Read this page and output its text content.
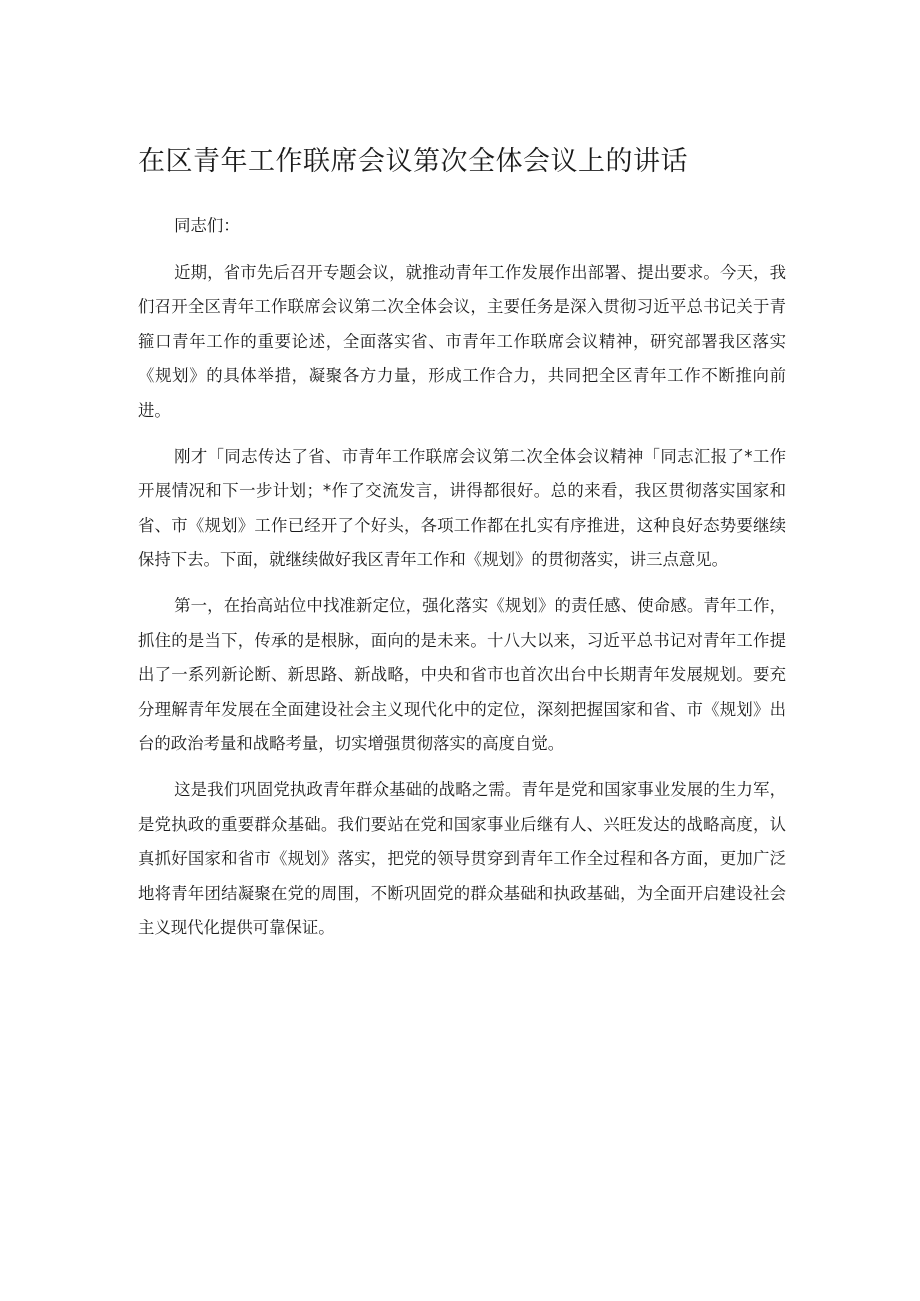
在区青年工作联席会议第次全体会议上的讲话

同志们：

近期，省市先后召开专题会议，就推动青年工作发展作出部署、提出要求。今天，我们召开全区青年工作联席会议第二次全体会议，主要任务是深入贯彻习近平总书记关于青箍口青年工作的重要论述，全面落实省、市青年工作联席会议精神，研究部署我区落实《规划》的具体举措，凝聚各方力量，形成工作合力，共同把全区青年工作不断推向前进。

刚才「同志传达了省、市青年工作联席会议第二次全体会议精神「同志汇报了*工作开展情况和下一步计划；*作了交流发言，讲得都很好。总的来看，我区贯彻落实国家和省、市《规划》工作已经开了个好头，各项工作都在扎实有序推进，这种良好态势要继续保持下去。下面，就继续做好我区青年工作和《规划》的贯彻落实，讲三点意见。

第一，在抬高站位中找准新定位，强化落实《规划》的责任感、使命感。青年工作，抓住的是当下，传承的是根脉，面向的是未来。十八大以来，习近平总书记对青年工作提出了一系列新论断、新思路、新战略，中央和省市也首次出台中长期青年发展规划。要充分理解青年发展在全面建设社会主义现代化中的定位，深刻把握国家和省、市《规划》出台的政治考量和战略考量，切实增强贯彻落实的高度自觉。

这是我们巩固党执政青年群众基础的战略之需。青年是党和国家事业发展的生力军，是党执政的重要群众基础。我们要站在党和国家事业后继有人、兴旺发达的战略高度，认真抓好国家和省市《规划》落实，把党的领导贯穿到青年工作全过程和各方面，更加广泛地将青年团结凝聚在党的周围，不断巩固党的群众基础和执政基础，为全面开启建设社会主义现代化提供可靠保证。
